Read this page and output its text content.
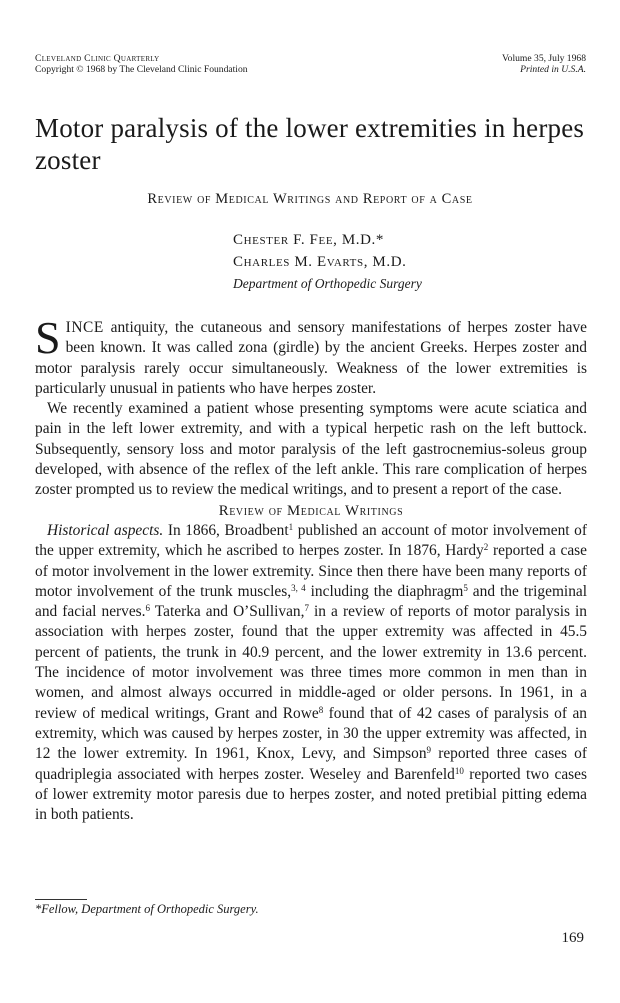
Cleveland Clinic Quarterly
Copyright © 1968 by The Cleveland Clinic Foundation
Volume 35, July 1968
Printed in U.S.A.
Motor paralysis of the lower extremities in herpes zoster
Review of Medical Writings and Report of a Case
Chester F. Fee, M.D.*
Charles M. Evarts, M.D.
Department of Orthopedic Surgery

SINCE antiquity, the cutaneous and sensory manifestations of herpes zoster have been known. It was called zona (girdle) by the ancient Greeks. Herpes zoster and motor paralysis rarely occur simultaneously. Weakness of the lower extremities is particularly unusual in patients who have herpes zoster.

We recently examined a patient whose presenting symptoms were acute sciatica and pain in the left lower extremity, and with a typical herpetic rash on the left buttock. Subsequently, sensory loss and motor paralysis of the left gastrocnemius-soleus group developed, with absence of the reflex of the left ankle. This rare complication of herpes zoster prompted us to review the medical writings, and to present a report of the case.

Review of Medical Writings

Historical aspects. In 1866, Broadbent$^1$ published an account of motor involvement of the upper extremity, which he ascribed to herpes zoster. In 1876, Hardy$^2$ reported a case of motor involvement in the lower extremity. Since then there have been many reports of motor involvement of the trunk muscles,$^{3, 4}$ including the diaphragm$^5$ and the trigeminal and facial nerves.$^6$ Taterka and O’Sullivan,$^7$ in a review of reports of motor paralysis in association with herpes zoster, found that the upper extremity was affected in 45.5 percent of patients, the trunk in 40.9 percent, and the lower extremity in 13.6 percent. The incidence of motor involvement was three times more common in men than in women, and almost always occurred in middle-aged or older persons. In 1961, in a review of medical writings, Grant and Rowe$^8$ found that of 42 cases of paralysis of an extremity, which was caused by herpes zoster, in 30 the upper extremity was affected, in 12 the lower extremity. In 1961, Knox, Levy, and Simpson$^9$ reported three cases of quadriplegia associated with herpes zoster. Weseley and Barenfeld$^{10}$ reported two cases of lower extremity motor paresis due to herpes zoster, and noted pretibial pitting edema in both patients.

*Fellow, Department of Orthopedic Surgery.
169
